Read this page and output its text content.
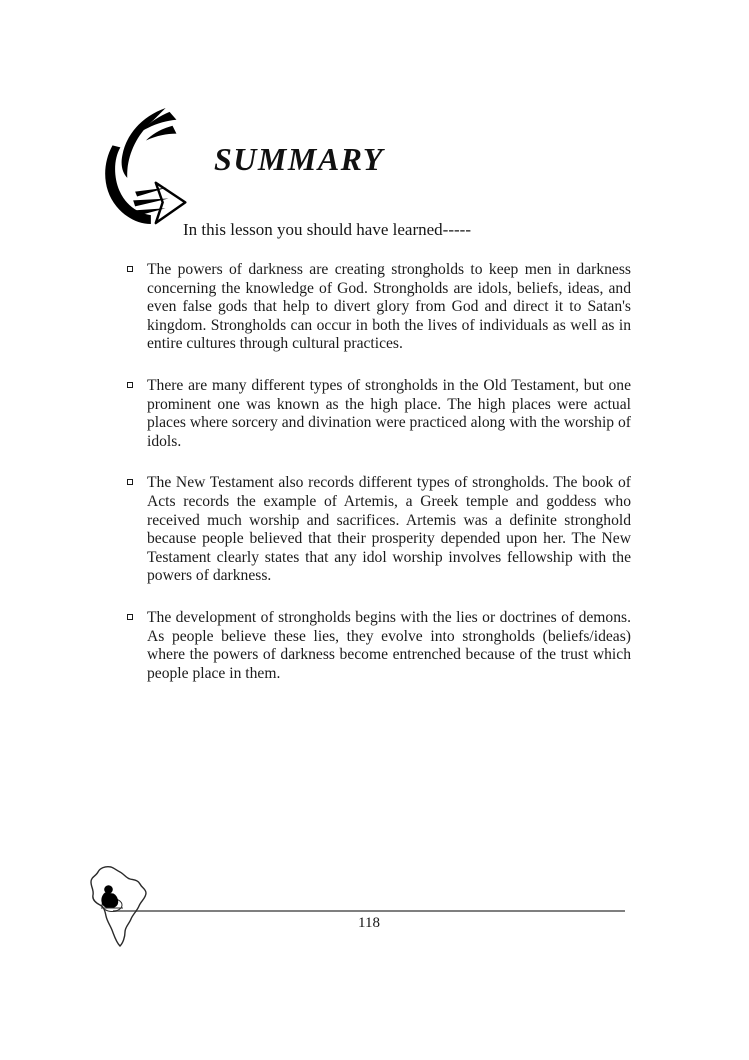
SUMMARY
In this lesson you should have learned-----
The powers of darkness are creating strongholds to keep men in darkness concerning the knowledge of God. Strongholds are idols, beliefs, ideas, and even false gods that help to divert glory from God and direct it to Satan's kingdom. Strongholds can occur in both the lives of individuals as well as in entire cultures through cultural practices.
There are many different types of strongholds in the Old Testament, but one prominent one was known as the high place. The high places were actual places where sorcery and divination were practiced along with the worship of idols.
The New Testament also records different types of strongholds. The book of Acts records the example of Artemis, a Greek temple and goddess who received much worship and sacrifices. Artemis was a definite stronghold because people believed that their prosperity depended upon her. The New Testament clearly states that any idol worship involves fellowship with the powers of darkness.
The development of strongholds begins with the lies or doctrines of demons. As people believe these lies, they evolve into strongholds (beliefs/ideas) where the powers of darkness become entrenched because of the trust which people place in them.
118
